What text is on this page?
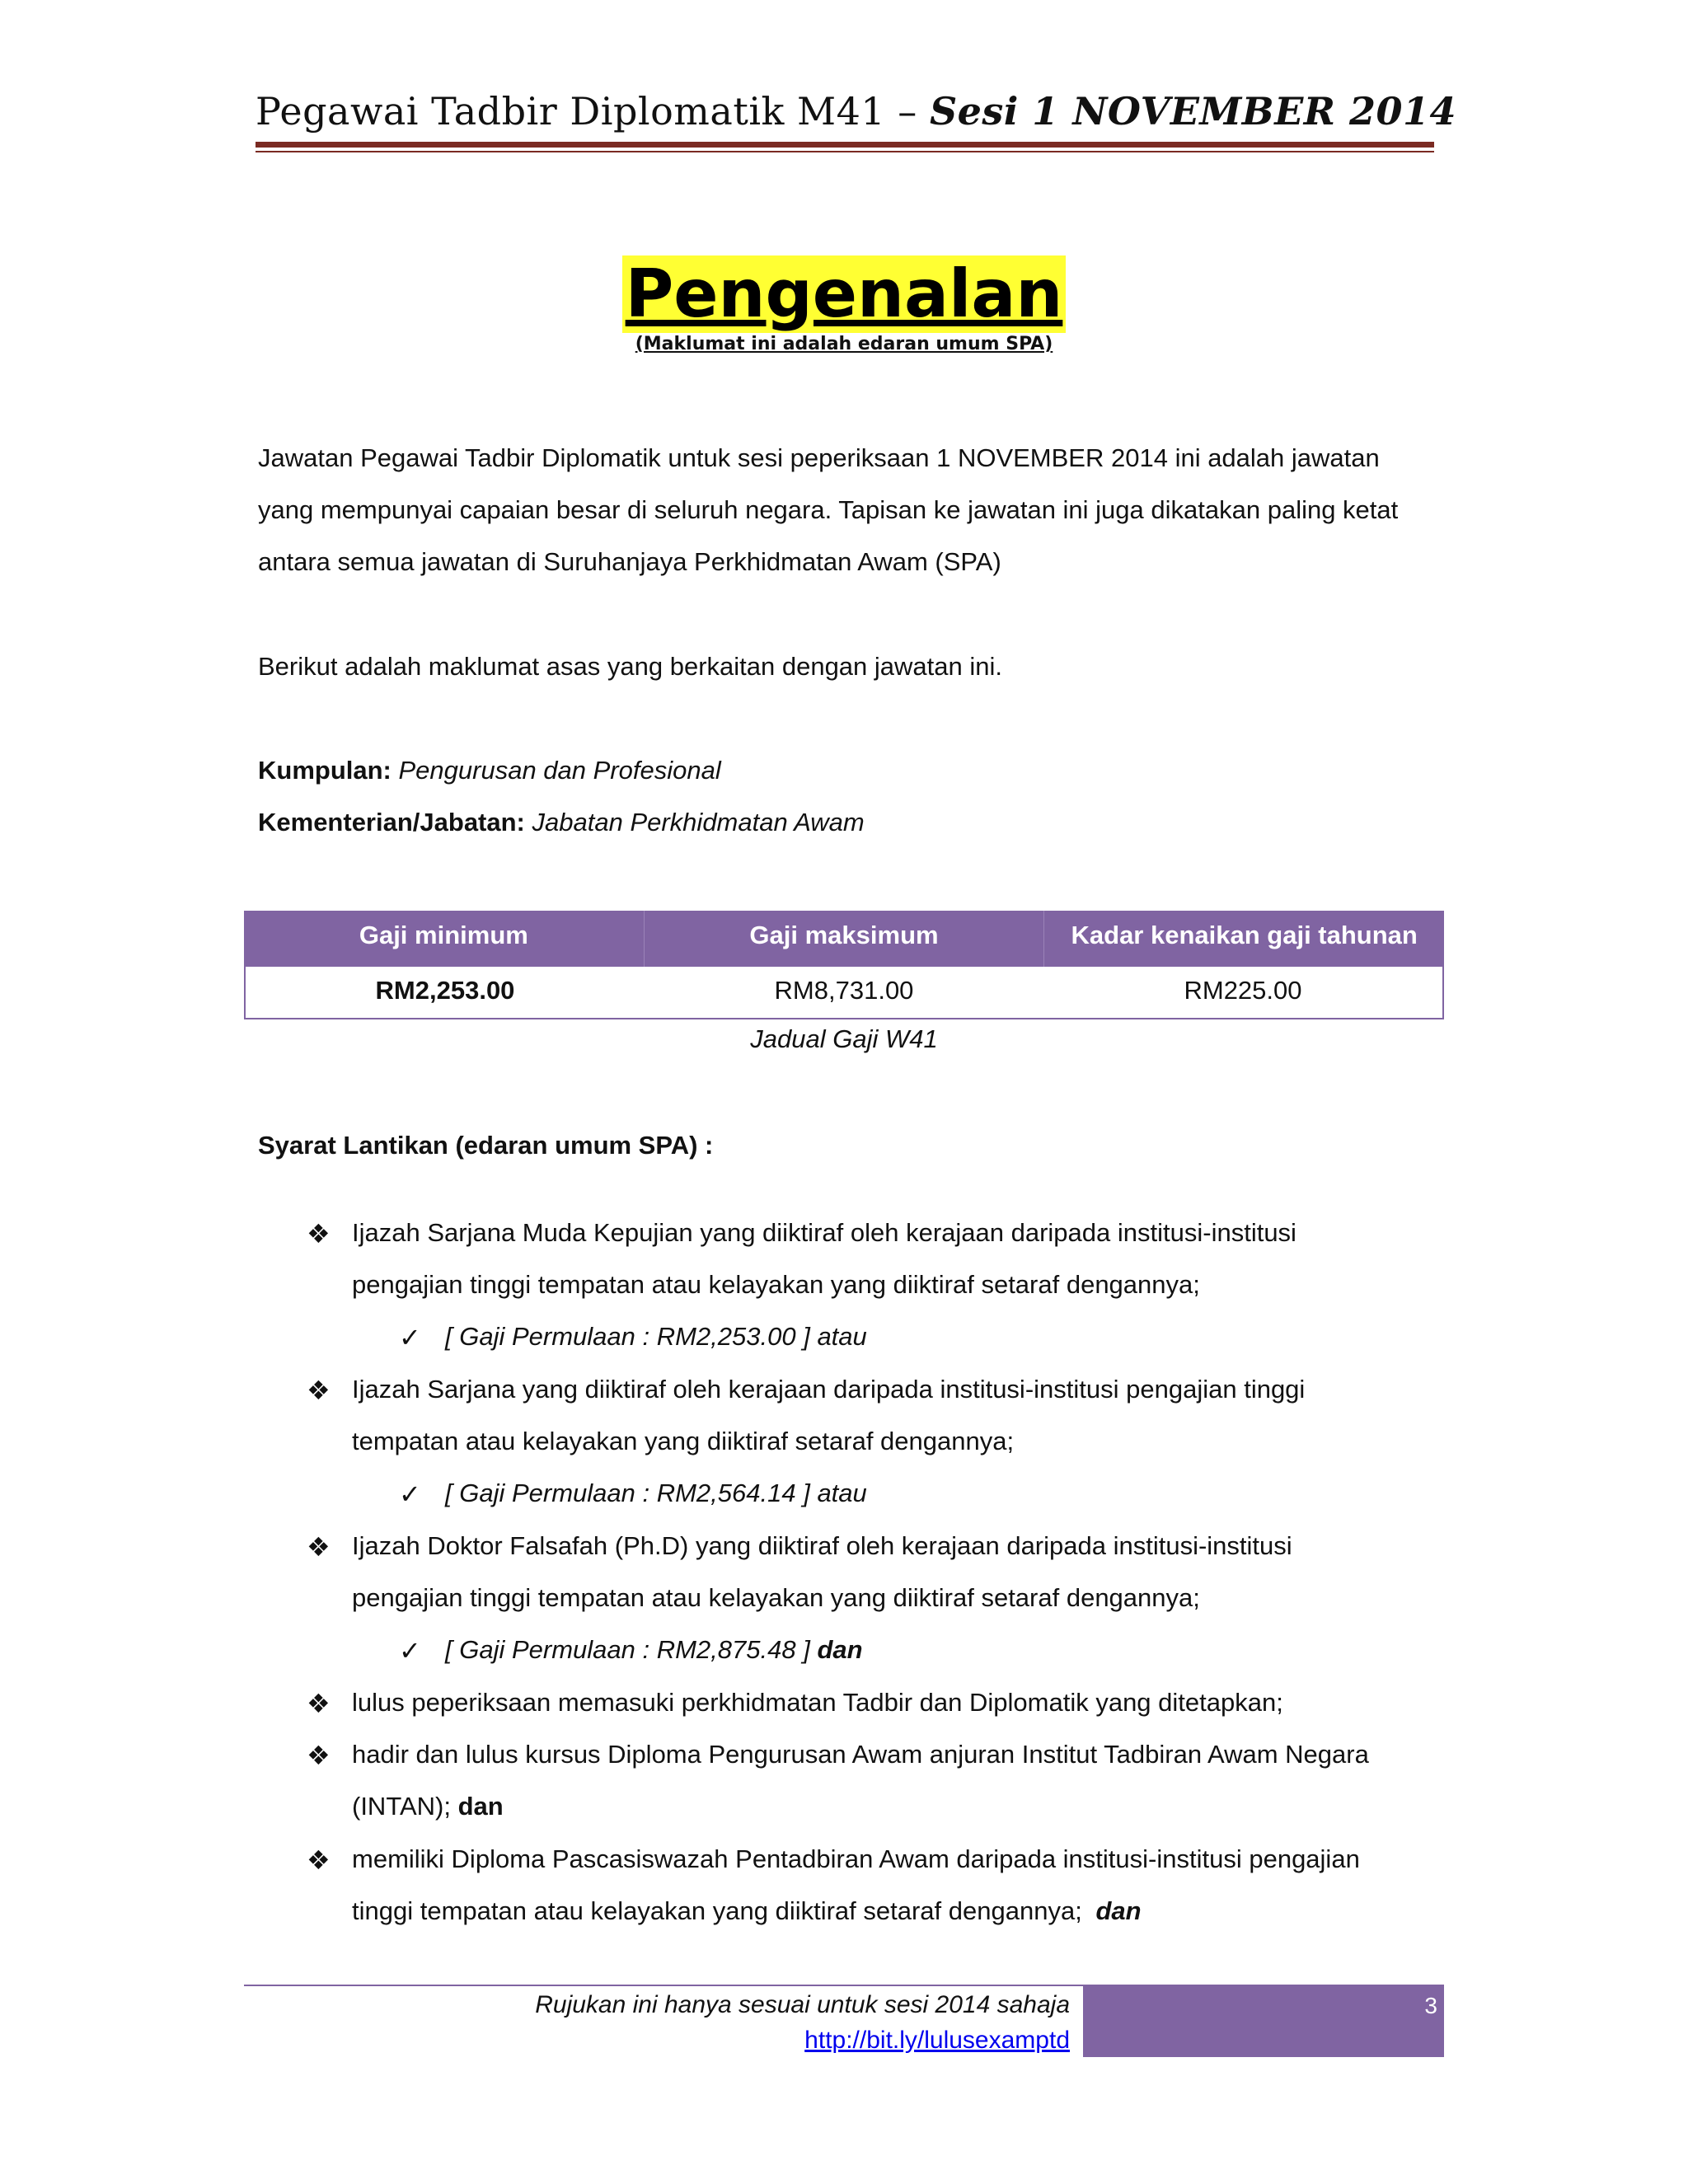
Pegawai Tadbir Diplomatik M41 – Sesi 1 NOVEMBER 2014
Pengenalan
(Maklumat ini adalah edaran umum SPA)
Jawatan Pegawai Tadbir Diplomatik untuk sesi peperiksaan 1 NOVEMBER 2014 ini adalah jawatan yang mempunyai capaian besar di seluruh negara. Tapisan ke jawatan ini juga dikatakan paling ketat antara semua jawatan di Suruhanjaya Perkhidmatan Awam (SPA)
Berikut adalah maklumat asas yang berkaitan dengan jawatan ini.
Kumpulan: Pengurusan dan Profesional
Kementerian/Jabatan: Jabatan Perkhidmatan Awam
Gaji minimum	Gaji maksimum	Kadar kenaikan gaji tahunan
RM2,253.00	RM8,731.00	RM225.00
Jadual Gaji W41
Syarat Lantikan (edaran umum SPA) :
❖ Ijazah Sarjana Muda Kepujian yang diiktiraf oleh kerajaan daripada institusi-institusi
pengajian tinggi tempatan atau kelayakan yang diiktiraf setaraf dengannya;
✓ [ Gaji Permulaan : RM2,253.00 ] atau
❖ Ijazah Sarjana yang diiktiraf oleh kerajaan daripada institusi-institusi pengajian tinggi
tempatan atau kelayakan yang diiktiraf setaraf dengannya;
✓ [ Gaji Permulaan : RM2,564.14 ] atau
❖ Ijazah Doktor Falsafah (Ph.D) yang diiktiraf oleh kerajaan daripada institusi-institusi
pengajian tinggi tempatan atau kelayakan yang diiktiraf setaraf dengannya;
✓ [ Gaji Permulaan : RM2,875.48 ] dan
❖ lulus peperiksaan memasuki perkhidmatan Tadbir dan Diplomatik yang ditetapkan;
❖ hadir dan lulus kursus Diploma Pengurusan Awam anjuran Institut Tadbiran Awam Negara
(INTAN); dan
❖ memiliki Diploma Pascasiswazah Pentadbiran Awam daripada institusi-institusi pengajian
tinggi tempatan atau kelayakan yang diiktiraf setaraf dengannya; dan
3
Rujukan ini hanya sesuai untuk sesi 2014 sahaja
http://bit.ly/lulusexamptd
